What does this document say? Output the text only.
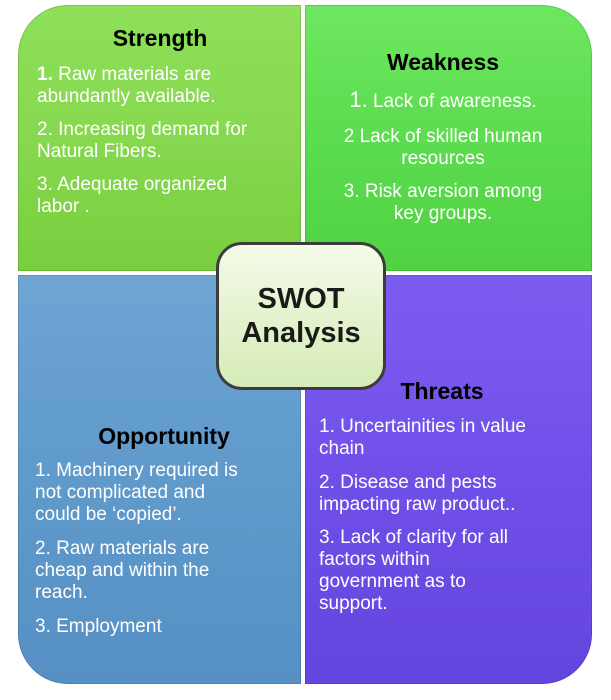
Strength
1. Raw materials are
abundantly available.
2. Increasing demand for
Natural Fibers.
3. Adequate organized
labor .
Weakness
1. Lack of awareness.
2 Lack of skilled human
resources
3. Risk aversion among
key groups.
Opportunity
1. Machinery required is
not complicated and
could be ‘copied’.
2. Raw materials are
cheap and within the
reach.
3. Employment
Threats
1. Uncertainities in value
chain
2. Disease and pests
impacting raw product..
3. Lack of clarity for all
factors within
government as to
support.
SWOT
Analysis
